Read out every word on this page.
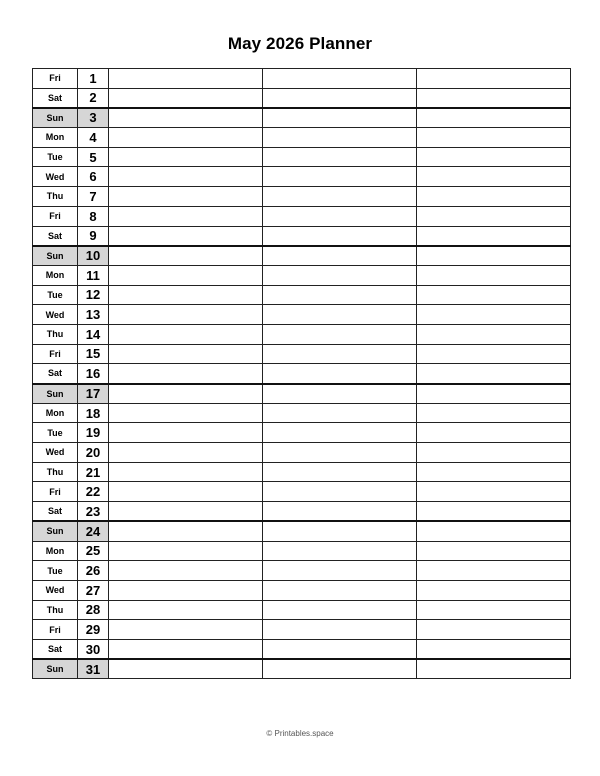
May 2026 Planner
Fri	1			
Sat	2			
Sun	3			
Mon	4			
Tue	5			
Wed	6			
Thu	7			
Fri	8			
Sat	9			
Sun	10			
Mon	11			
Tue	12			
Wed	13			
Thu	14			
Fri	15			
Sat	16			
Sun	17			
Mon	18			
Tue	19			
Wed	20			
Thu	21			
Fri	22			
Sat	23			
Sun	24			
Mon	25			
Tue	26			
Wed	27			
Thu	28			
Fri	29			
Sat	30			
Sun	31			
© Printables.space
